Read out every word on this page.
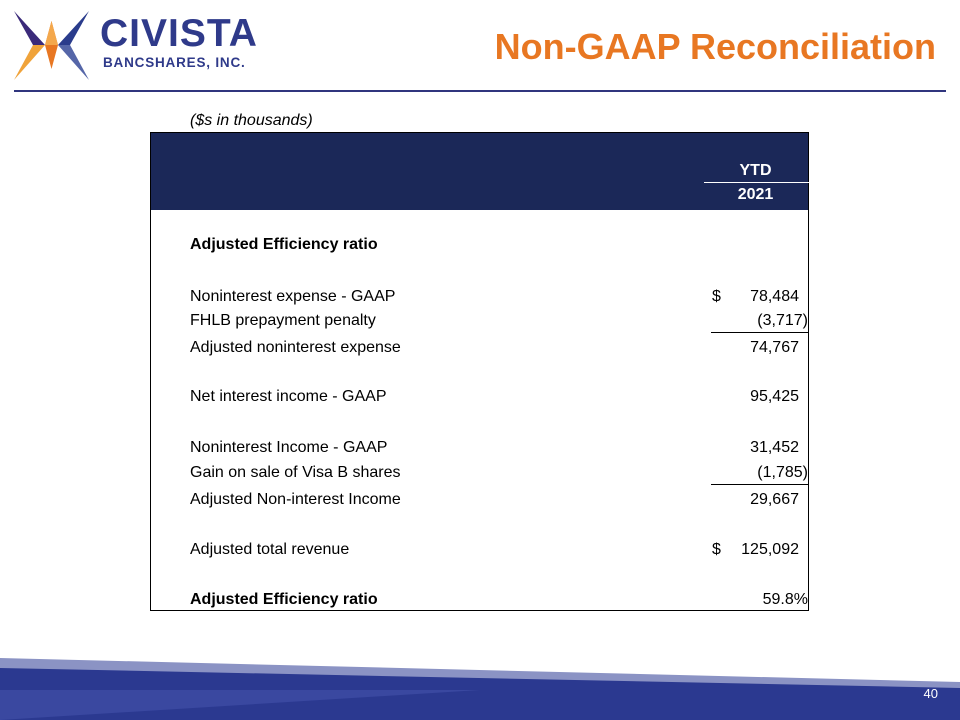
CIVISTA
BANCSHARES, INC.	Non-GAAP Reconciliation
($s in thousands)
YTD
2021
Adjusted Efficiency ratio
Noninterest expense - GAAP	$ 78,484
FHLB prepayment penalty	(3,717)
Adjusted noninterest expense	74,767
Net interest income - GAAP	95,425
Noninterest Income - GAAP	31,452
Gain on sale of Visa B shares	(1,785)
Adjusted Non-interest Income	29,667
Adjusted total revenue	$ 125,092
Adjusted Efficiency ratio	59.8%
40
